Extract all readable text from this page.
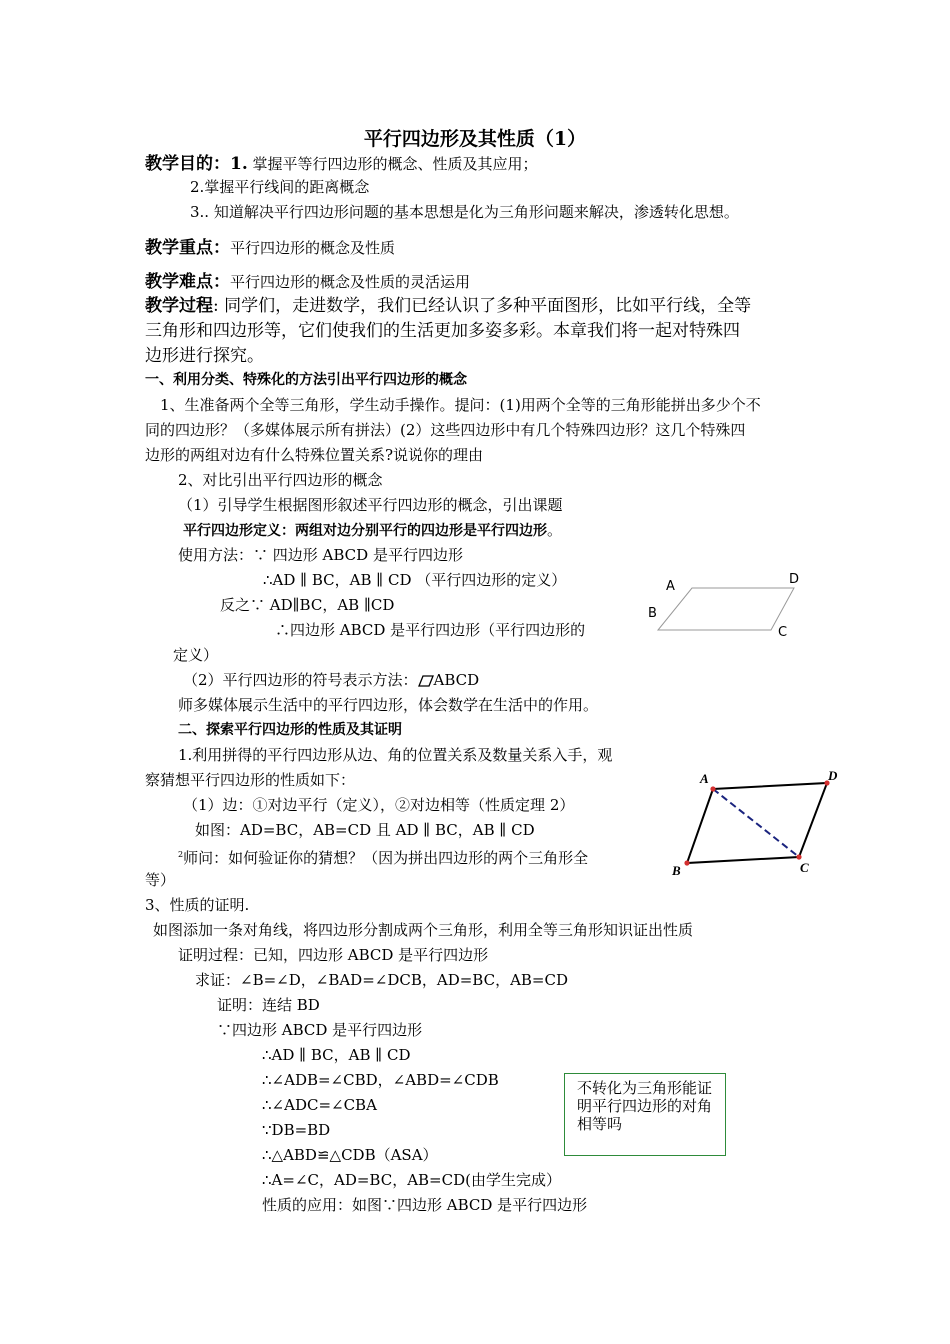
平行四边形及其性质（1）
教学目的：1. 掌握平等行四边形的概念、性质及其应用；
2.掌握平行线间的距离概念
3.. 知道解决平行四边形问题的基本思想是化为三角形问题来解决，渗透转化思想。
教学重点：平行四边形的概念及性质
教学难点：平行四边形的概念及性质的灵活运用
教学过程: 同学们，走进数学，我们已经认识了多种平面图形，比如平行线，全等
三角形和四边形等，它们使我们的生活更加多姿多彩。本章我们将一起对特殊四
边形进行探究。
一、利用分类、特殊化的方法引出平行四边形的概念
1、生准备两个全等三角形，学生动手操作。提问：(1)用两个全等的三角形能拼出多少个不
同的四边形？（多媒体展示所有拼法）(2）这些四边形中有几个特殊四边形？这几个特殊四
边形的两组对边有什么特殊位置关系?说说你的理由
2、对比引出平行四边形的概念
（1）引导学生根据图形叙述平行四边形的概念，引出课题
平行四边形定义：两组对边分别平行的四边形是平行四边形。
使用方法：∵ 四边形 ABCD 是平行四边形
∴AD ∥ BC，AB ∥ CD （平行四边形的定义）
反之∵ AD∥BC，AB ∥CD
∴四边形 ABCD 是平行四边形（平行四边形的
定义）
（2）平行四边形的符号表示方法： ABCD
师多媒体展示生活中的平行四边形，体会数学在生活中的作用。
A	D
B
C
二、探索平行四边形的性质及其证明
1.利用拼得的平行四边形从边、角的位置关系及数量关系入手，观
察猜想平行四边形的性质如下：
（1）边：①对边平行（定义），②对边相等（性质定理 2）
如图：AD=BC，AB=CD 且 AD ∥ BC，AB ∥ CD
$^2$师问：如何验证你的猜想？（因为拼出四边形的两个三角形全
等）
3、性质的证明.
如图添加一条对角线，将四边形分割成两个三角形，利用全等三角形知识证出性质
证明过程：已知，四边形 ABCD 是平行四边形
求证：∠B=∠D，∠BAD=∠DCB，AD=BC，AB=CD
证明：连结 BD
∵四边形 ABCD 是平行四边形
∴AD ∥ BC，AB ∥ CD
∴∠ADB=∠CBD，∠ABD=∠CDB
∴∠ADC=∠CBA
∵DB=BD
∴△ABD≌△CDB（ASA）
∴A=∠C，AD=BC，AB=CD(由学生完成）
性质的应用：如图∵四边形 ABCD 是平行四边形
A	D
B	C
不转化为三角形能证明平行四边形的对角相等吗
